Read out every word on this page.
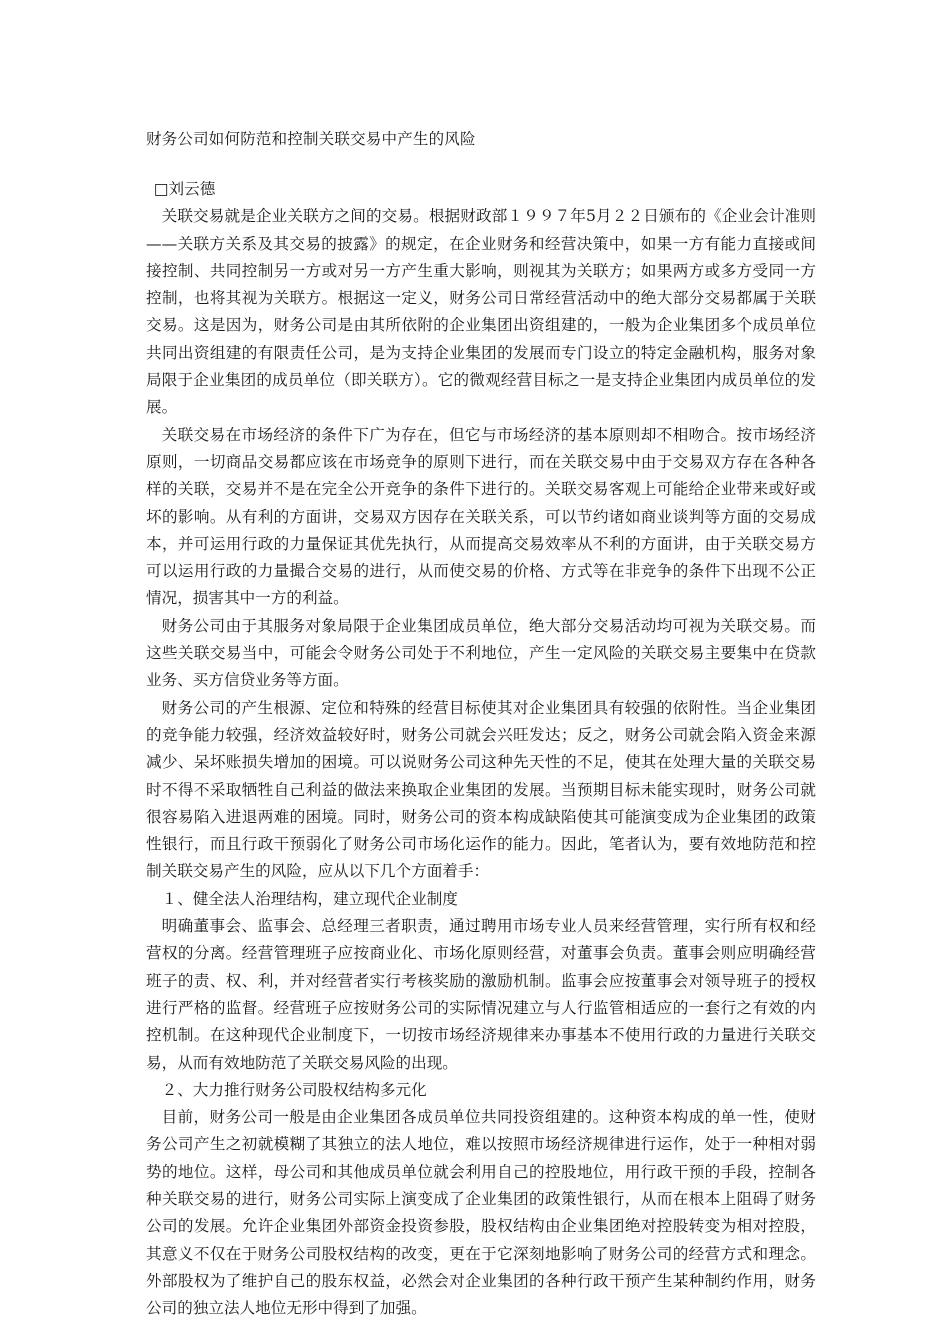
财务公司如何防范和控制关联交易中产生的风险

□刘云德

关联交易就是企业关联方之间的交易。根据财政部１９９７年5月２２日颁布的《企业会计准则——关联方关系及其交易的披露》的规定，在企业财务和经营决策中，如果一方有能力直接或间接控制、共同控制另一方或对另一方产生重大影响，则视其为关联方；如果两方或多方受同一方控制，也将其视为关联方。根据这一定义，财务公司日常经营活动中的绝大部分交易都属于关联交易。这是因为，财务公司是由其所依附的企业集团出资组建的，一般为企业集团多个成员单位共同出资组建的有限责任公司，是为支持企业集团的发展而专门设立的特定金融机构，服务对象局限于企业集团的成员单位（即关联方）。它的微观经营目标之一是支持企业集团内成员单位的发展。

关联交易在市场经济的条件下广为存在，但它与市场经济的基本原则却不相吻合。按市场经济原则，一切商品交易都应该在市场竞争的原则下进行，而在关联交易中由于交易双方存在各种各样的关联，交易并不是在完全公开竞争的条件下进行的。关联交易客观上可能给企业带来或好或坏的影响。从有利的方面讲，交易双方因存在关联关系，可以节约诸如商业谈判等方面的交易成本，并可运用行政的力量保证其优先执行，从而提高交易效率从不利的方面讲，由于关联交易方可以运用行政的力量撮合交易的进行，从而使交易的价格、方式等在非竞争的条件下出现不公正情况，损害其中一方的利益。

财务公司由于其服务对象局限于企业集团成员单位，绝大部分交易活动均可视为关联交易。而这些关联交易当中，可能会令财务公司处于不利地位，产生一定风险的关联交易主要集中在贷款业务、买方信贷业务等方面。

财务公司的产生根源、定位和特殊的经营目标使其对企业集团具有较强的依附性。当企业集团的竞争能力较强，经济效益较好时，财务公司就会兴旺发达；反之，财务公司就会陷入资金来源减少、呆坏账损失增加的困境。可以说财务公司这种先天性的不足，使其在处理大量的关联交易时不得不采取牺牲自己利益的做法来换取企业集团的发展。当预期目标未能实现时，财务公司就很容易陷入进退两难的困境。同时，财务公司的资本构成缺陷使其可能演变成为企业集团的政策性银行，而且行政干预弱化了财务公司市场化运作的能力。因此，笔者认为，要有效地防范和控制关联交易产生的风险，应从以下几个方面着手：

１、健全法人治理结构，建立现代企业制度

明确董事会、监事会、总经理三者职责，通过聘用市场专业人员来经营管理，实行所有权和经营权的分离。经营管理班子应按商业化、市场化原则经营，对董事会负责。董事会则应明确经营班子的责、权、利，并对经营者实行考核奖励的激励机制。监事会应按董事会对领导班子的授权进行严格的监督。经营班子应按财务公司的实际情况建立与人行监管相适应的一套行之有效的内控机制。在这种现代企业制度下，一切按市场经济规律来办事基本不使用行政的力量进行关联交易，从而有效地防范了关联交易风险的出现。

２、大力推行财务公司股权结构多元化

目前，财务公司一般是由企业集团各成员单位共同投资组建的。这种资本构成的单一性，使财务公司产生之初就模糊了其独立的法人地位，难以按照市场经济规律进行运作，处于一种相对弱势的地位。这样，母公司和其他成员单位就会利用自己的控股地位，用行政干预的手段，控制各种关联交易的进行，财务公司实际上演变成了企业集团的政策性银行，从而在根本上阻碍了财务公司的发展。允许企业集团外部资金投资参股，股权结构由企业集团绝对控股转变为相对控股，其意义不仅在于财务公司股权结构的改变，更在于它深刻地影响了财务公司的经营方式和理念。外部股权为了维护自己的股东权益，必然会对企业集团的各种行政干预产生某种制约作用，财务公司的独立法人地位无形中得到了加强。
